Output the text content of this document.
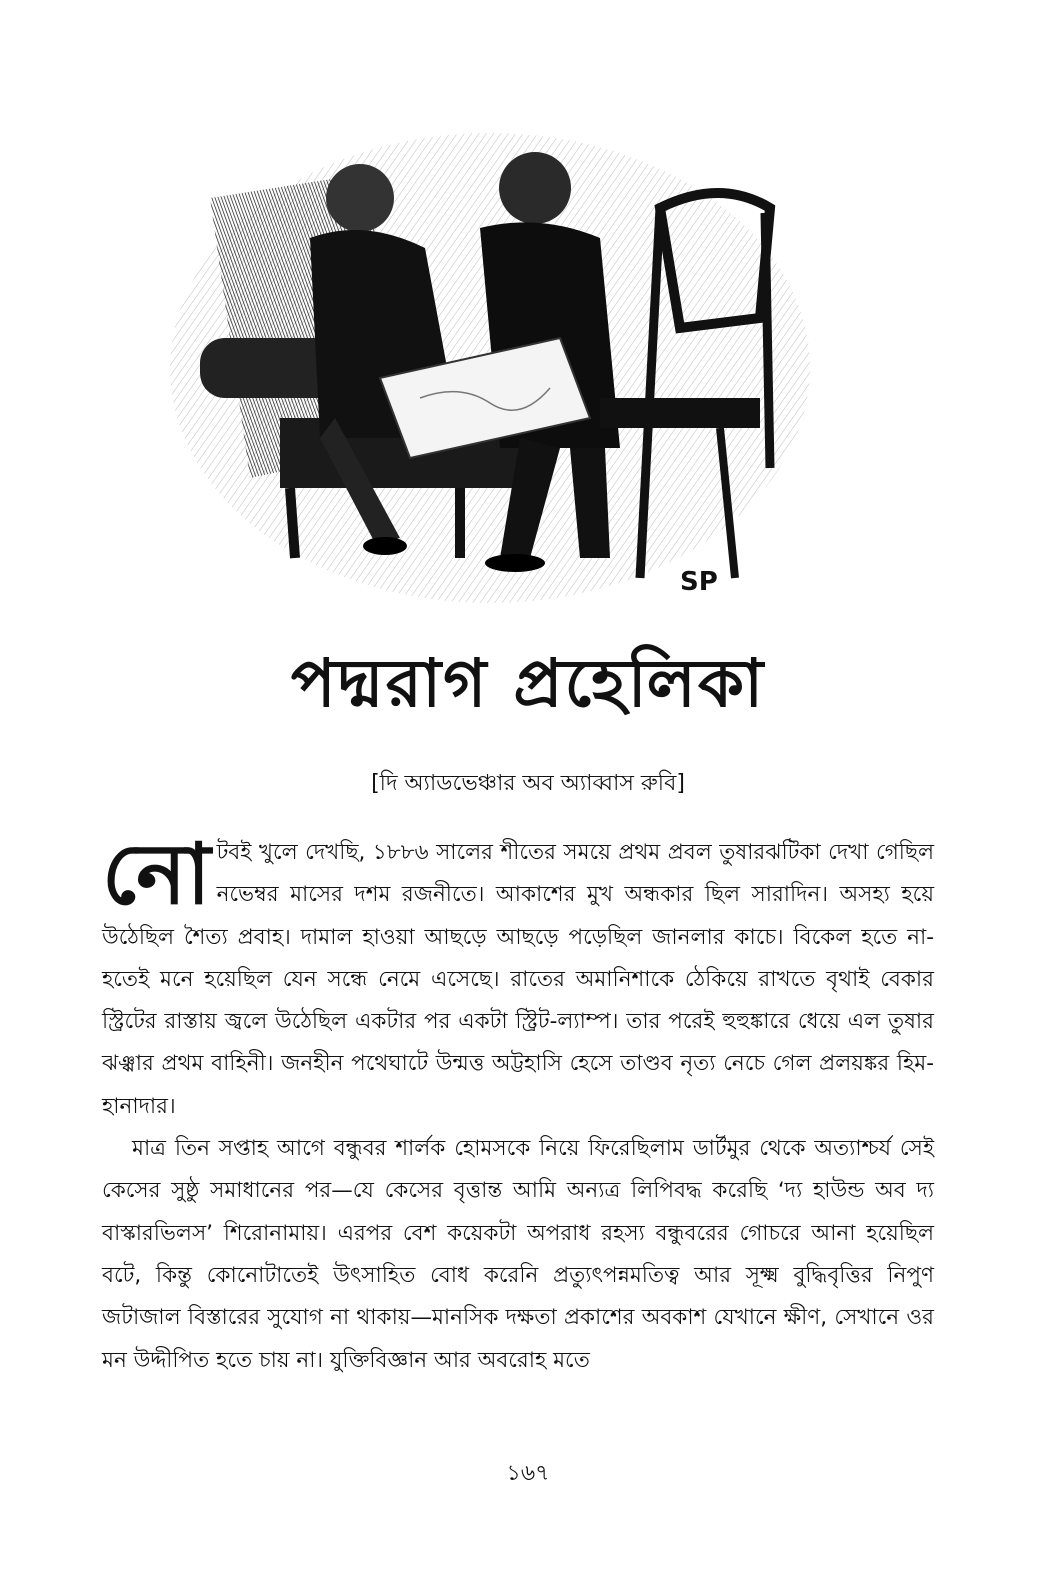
SP
পদ্মরাগ প্রহেলিকা
[দি অ্যাডভেঞ্চার অব অ্যাব্বাস রুবি]

নো টবই খুলে দেখছি, ১৮৮৬ সালের শীতের সময়ে প্রথম প্রবল তুষারঝটিকা দেখা গেছিল নভেম্বর মাসের দশম রজনীতে। আকাশের মুখ অন্ধকার ছিল সারাদিন। অসহ্য হয়ে উঠেছিল শৈত্য প্রবাহ। দামাল হাওয়া আছড়ে আছড়ে পড়েছিল জানলার কাচে। বিকেল হতে না-হতেই মনে হয়েছিল যেন সন্ধে নেমে এসেছে। রাতের অমানিশাকে ঠেকিয়ে রাখতে বৃথাই বেকার স্ট্রিটের রাস্তায় জ্বলে উঠেছিল একটার পর একটা স্ট্রিট-ল্যাম্প। তার পরেই হুহুঙ্কারে ধেয়ে এল তুষার ঝঞ্ঝার প্রথম বাহিনী। জনহীন পথেঘাটে উন্মত্ত অট্টহাসি হেসে তাণ্ডব নৃত্য নেচে গেল প্রলয়ঙ্কর হিম-হানাদার।

মাত্র তিন সপ্তাহ আগে বন্ধুবর শার্লক হোমসকে নিয়ে ফিরেছিলাম ডার্টমুর থেকে অত্যাশ্চর্য সেই কেসের সুষ্ঠু সমাধানের পর—যে কেসের বৃত্তান্ত আমি অন্যত্র লিপিবদ্ধ করেছি ‘দ্য হাউন্ড অব দ্য বাস্কারভিলস’ শিরোনামায়। এরপর বেশ কয়েকটা অপরাধ রহস্য বন্ধুবরের গোচরে আনা হয়েছিল বটে, কিন্তু কোনোটাতেই উৎসাহিত বোধ করেনি প্রত্যুৎপন্নমতিত্ব আর সূক্ষ্ম বুদ্ধিবৃত্তির নিপুণ জটাজাল বিস্তারের সুযোগ না থাকায়—মানসিক দক্ষতা প্রকাশের অবকাশ যেখানে ক্ষীণ, সেখানে ওর মন উদ্দীপিত হতে চায় না। যুক্তিবিজ্ঞান আর অবরোহ মতে

১৬৭
